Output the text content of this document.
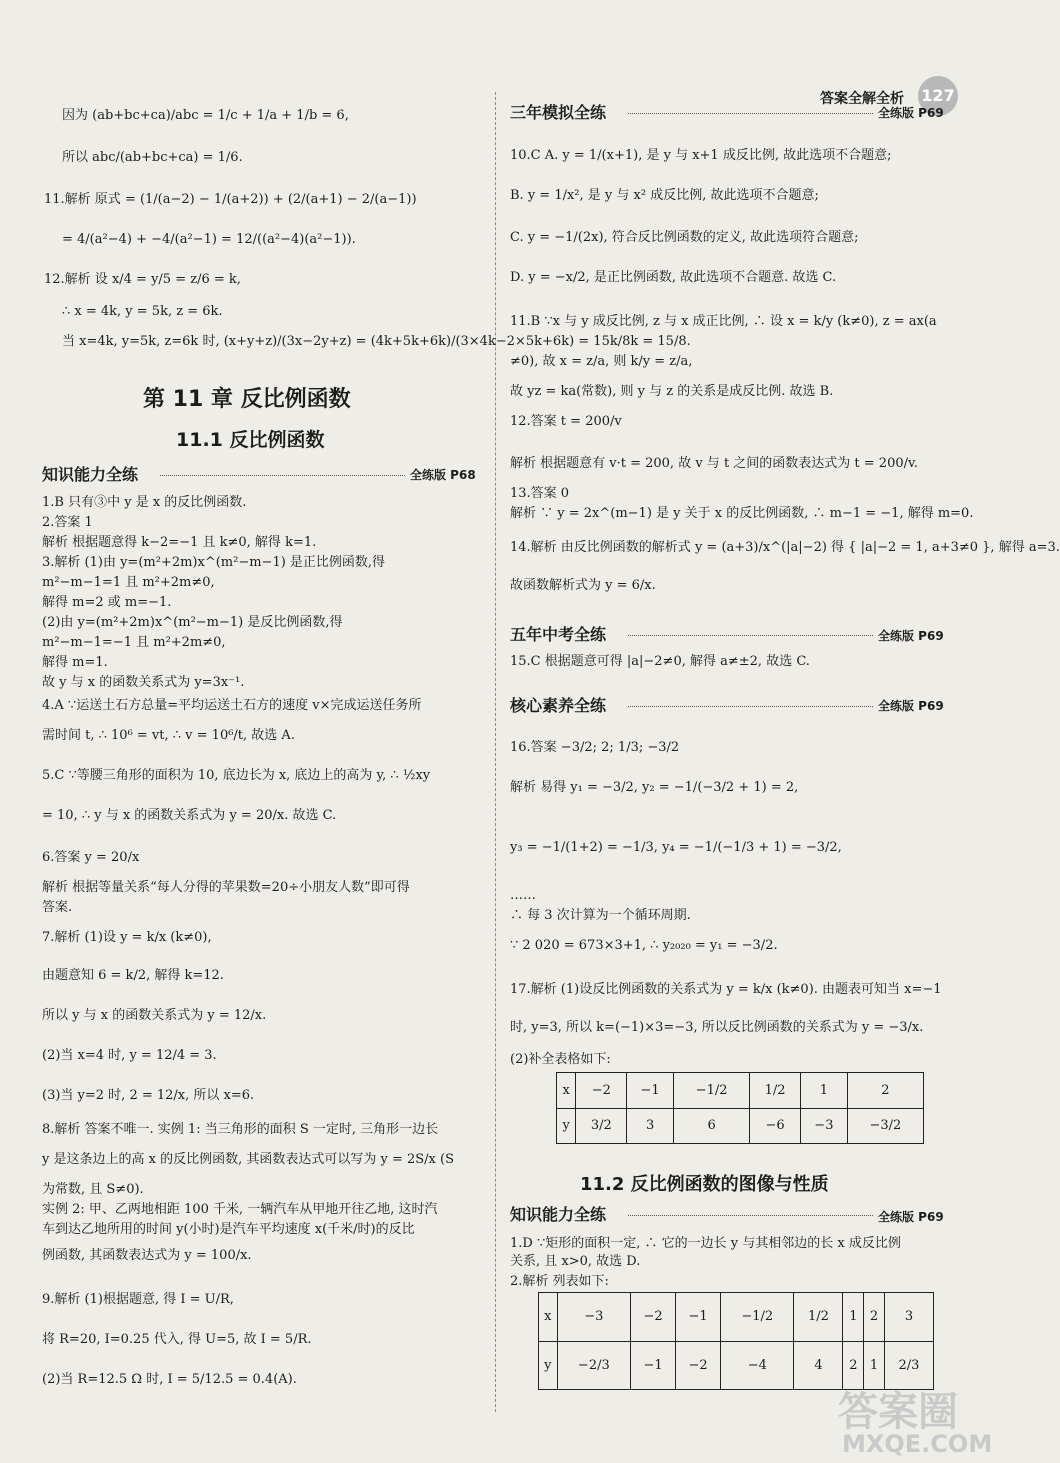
答案全解全析 127
第 11 章 反比例函数
11.1 反比例函数
知识能力全练	全练版 P68
三年模拟全练	全练版 P69
五年中考全练	全练版 P69
核心素养全练	全练版 P69
x	−2	−1	−1/2	1/2	1	2
y	3/2	3	6	−6	−3	−3/2
11.2 反比例函数的图像与性质
知识能力全练	全练版 P69
x	−3	−2	−1	−1/2	1/2	1	2	3
y	−2/3	−1	−2	−4	4	2	1	2/3
答案圈
MXQE.COM
因为 (ab+bc+ca)/abc = 1/c + 1/a + 1/b = 6,
所以 abc/(ab+bc+ca) = 1/6.
11.解析 原式 = (1/(a−2) − 1/(a+2)) + (2/(a+1) − 2/(a−1))
= 4/(a²−4) + −4/(a²−1) = 12/((a²−4)(a²−1)).
12.解析 设 x/4 = y/5 = z/6 = k,
∴ x = 4k, y = 5k, z = 6k.
当 x=4k, y=5k, z=6k 时, (x+y+z)/(3x−2y+z) = (4k+5k+6k)/(3×4k−2×5k+6k) = 15k/8k = 15/8.
1.B 只有③中 y 是 x 的反比例函数.
2.答案 1
解析 根据题意得 k−2=−1 且 k≠0, 解得 k=1.
3.解析 (1)由 y=(m²+2m)x^(m²−m−1) 是正比例函数,得
m²−m−1=1 且 m²+2m≠0,
解得 m=2 或 m=−1.
(2)由 y=(m²+2m)x^(m²−m−1) 是反比例函数,得
m²−m−1=−1 且 m²+2m≠0,
解得 m=1.
故 y 与 x 的函数关系式为 y=3x⁻¹.
4.A ∵运送土石方总量=平均运送土石方的速度 v×完成运送任务所
需时间 t, ∴ 10⁶ = vt, ∴ v = 10⁶/t, 故选 A.
5.C ∵等腰三角形的面积为 10, 底边长为 x, 底边上的高为 y, ∴ ½xy
= 10, ∴ y 与 x 的函数关系式为 y = 20/x. 故选 C.
6.答案 y = 20/x
解析 根据等量关系“每人分得的苹果数=20÷小朋友人数”即可得
答案.
7.解析 (1)设 y = k/x (k≠0),
由题意知 6 = k/2, 解得 k=12.
所以 y 与 x 的函数关系式为 y = 12/x.
(2)当 x=4 时, y = 12/4 = 3.
(3)当 y=2 时, 2 = 12/x, 所以 x=6.
8.解析 答案不唯一. 实例 1: 当三角形的面积 S 一定时, 三角形一边长
y 是这条边上的高 x 的反比例函数, 其函数表达式可以写为 y = 2S/x (S
为常数, 且 S≠0).
实例 2: 甲、乙两地相距 100 千米, 一辆汽车从甲地开往乙地, 这时汽
车到达乙地所用的时间 y(小时)是汽车平均速度 x(千米/时)的反比
例函数, 其函数表达式为 y = 100/x.
9.解析 (1)根据题意, 得 I = U/R,
将 R=20, I=0.25 代入, 得 U=5, 故 I = 5/R.
(2)当 R=12.5 Ω 时, I = 5/12.5 = 0.4(A).
10.C A. y = 1/(x+1), 是 y 与 x+1 成反比例, 故此选项不合题意;
B. y = 1/x², 是 y 与 x² 成反比例, 故此选项不合题意;
C. y = −1/(2x), 符合反比例函数的定义, 故此选项符合题意;
D. y = −x/2, 是正比例函数, 故此选项不合题意. 故选 C.
11.B ∵x 与 y 成反比例, z 与 x 成正比例, ∴ 设 x = k/y (k≠0), z = ax(a
≠0), 故 x = z/a, 则 k/y = z/a,
故 yz = ka(常数), 则 y 与 z 的关系是成反比例. 故选 B.
12.答案 t = 200/v
解析 根据题意有 v·t = 200, 故 v 与 t 之间的函数表达式为 t = 200/v.
13.答案 0
解析 ∵ y = 2x^(m−1) 是 y 关于 x 的反比例函数, ∴ m−1 = −1, 解得 m=0.
14.解析 由反比例函数的解析式 y = (a+3)/x^(|a|−2) 得 { |a|−2 = 1, a+3≠0 }, 解得 a=3.
故函数解析式为 y = 6/x.
15.C 根据题意可得 |a|−2≠0, 解得 a≠±2, 故选 C.
16.答案 −3/2; 2; 1/3; −3/2
解析 易得 y₁ = −3/2, y₂ = −1/(−3/2 + 1) = 2,
y₃ = −1/(1+2) = −1/3, y₄ = −1/(−1/3 + 1) = −3/2,
……
∴ 每 3 次计算为一个循环周期.
∵ 2 020 = 673×3+1, ∴ y₂₀₂₀ = y₁ = −3/2.
17.解析 (1)设反比例函数的关系式为 y = k/x (k≠0). 由题表可知当 x=−1
时, y=3, 所以 k=(−1)×3=−3, 所以反比例函数的关系式为 y = −3/x.
(2)补全表格如下:
1.D ∵矩形的面积一定, ∴ 它的一边长 y 与其相邻边的长 x 成反比例
关系, 且 x>0, 故选 D.
2.解析 列表如下:
